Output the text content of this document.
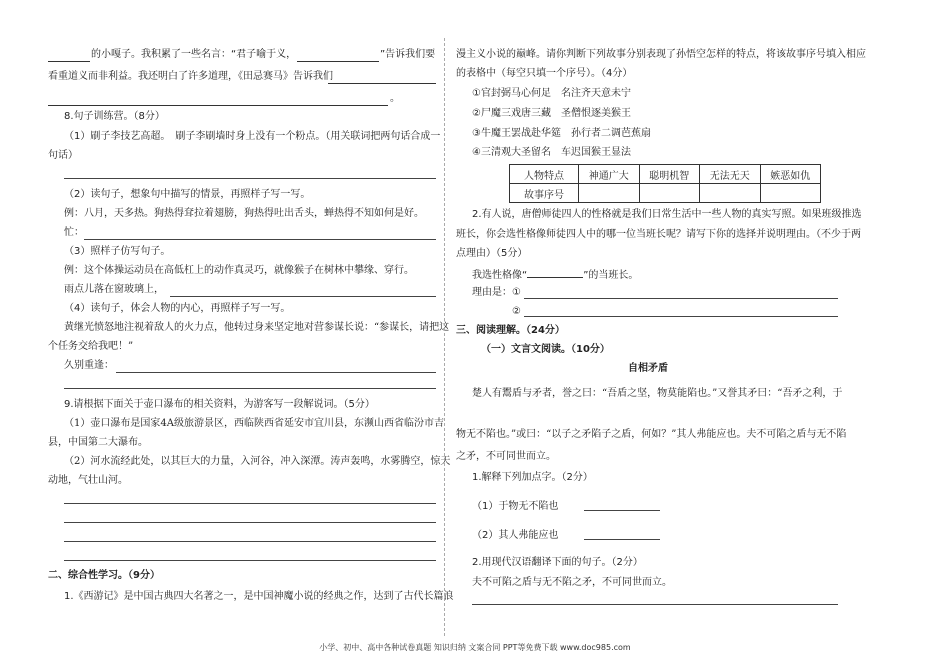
的小嘎子。我积累了一些名言：“君子喻于义，	”告诉我们要
看重道义而非利益。我还明白了许多道理，《田忌赛马》告诉我们
。
8.句子训练营。（8分）
（1）刷子李技艺高超。　刷子李刷墙时身上没有一个粉点。（用关联词把两句话合成一
句话）
（2）读句子，想象句中描写的情景，再照样子写一写。
例：八月，天多热。狗热得耷拉着翅膀，狗热得吐出舌头，蝉热得不知如何是好。
忙：
（3）照样子仿写句子。
例：这个体操运动员在高低杠上的动作真灵巧，就像猴子在树林中攀缘、穿行。
雨点儿落在窗玻璃上，
（4）读句子，体会人物的内心，再照样子写一写。
黄继光愤怒地注视着敌人的火力点，他转过身来坚定地对营参谋长说：“参谋长，请把这
个任务交给我吧！”
久别重逢：
9.请根据下面关于壶口瀑布的相关资料，为游客写一段解说词。（5分）
（1）壶口瀑布是国家4A级旅游景区，西临陕西省延安市宜川县，东濒山西省临汾市吉
县，中国第二大瀑布。
（2）河水流经此处，以其巨大的力量，入河谷，冲入深潭。涛声轰鸣，水雾腾空，惊天
动地，气壮山河。
二、综合性学习。（9分）
1.《西游记》是中国古典四大名著之一，是中国神魔小说的经典之作，达到了古代长篇浪
漫主义小说的巅峰。请你判断下列故事分别表现了孙悟空怎样的特点，将该故事序号填入相应
的表格中（每空只填一个序号）。（4分）
①官封弼马心何足　名注齐天意未宁
②尸魔三戏唐三藏　圣僧恨逐美猴王
③牛魔王罢战赴华筵　孙行者二调芭蕉扇
④三清观大圣留名　车迟国猴王显法
人物特点	神通广大	聪明机智	无法无天	嫉恶如仇
故事序号				
2.有人说，唐僧师徒四人的性格就是我们日常生活中一些人物的真实写照。如果班级推选
班长，你会选性格像师徒四人中的哪一位当班长呢？请写下你的选择并说明理由。（不少于两
点理由）（5分）
我选性格像“	”的当班长。
理由是：①
②
三、阅读理解。（24分）
（一）文言文阅读。（10分）
自相矛盾
楚人有鬻盾与矛者，誉之曰：“吾盾之坚，物莫能陷也。”又誉其矛曰：“吾矛之利，于
物无不陷也。”或曰：“以子之矛陷子之盾，何如？”其人弗能应也。夫不可陷之盾与无不陷
之矛，不可同世而立。
1.解释下列加点字。（2分）
（1）于物无不陷也
（2）其人弗能应也
2.用现代汉语翻译下面的句子。（2分）
夫不可陷之盾与无不陷之矛，不可同世而立。
小学、初中、高中各种试卷真题 知识归纳 文案合同 PPT等免费下载 www.doc985.com
